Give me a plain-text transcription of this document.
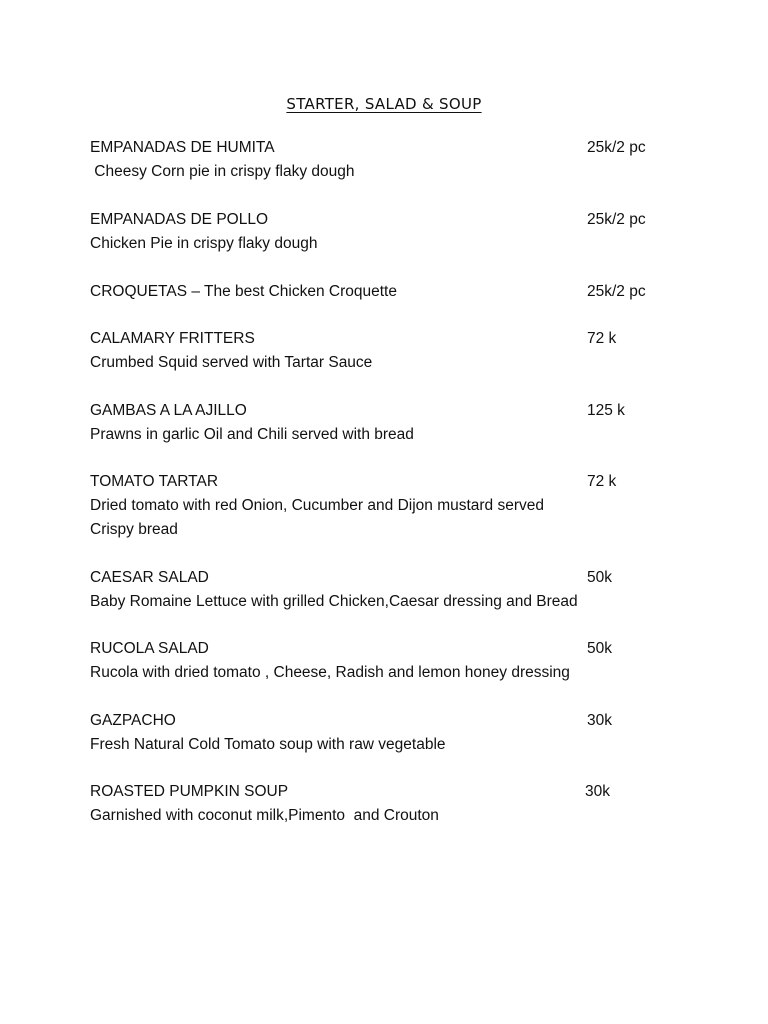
STARTER, SALAD & SOUP
EMPANADAS DE HUMITA	25k/2 pc
Cheesy Corn pie in crispy flaky dough
EMPANADAS DE POLLO	25k/2 pc
Chicken Pie in crispy flaky dough
CROQUETAS – The best Chicken Croquette	25k/2 pc
CALAMARY FRITTERS	72 k
Crumbed Squid served with Tartar Sauce
GAMBAS A LA AJILLO	125 k
Prawns in garlic Oil and Chili served with bread
TOMATO TARTAR	72 k
Dried tomato with red Onion, Cucumber and Dijon mustard served
Crispy bread
CAESAR SALAD	50k
Baby Romaine Lettuce with grilled Chicken,Caesar dressing and Bread
RUCOLA SALAD	50k
Rucola with dried tomato , Cheese, Radish and lemon honey dressing
GAZPACHO	30k
Fresh Natural Cold Tomato soup with raw vegetable
ROASTED PUMPKIN SOUP	30k
Garnished with coconut milk,Pimento  and Crouton
